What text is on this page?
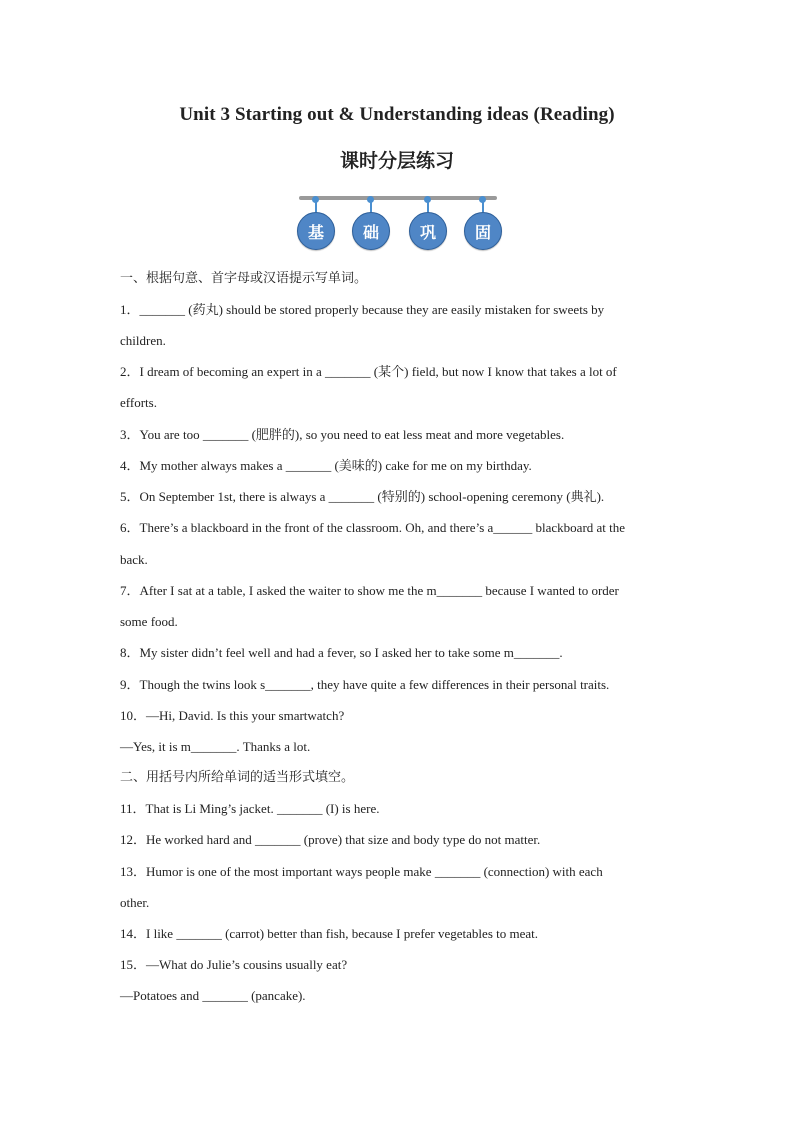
Unit 3 Starting out & Understanding ideas (Reading)
课时分层练习
基	础	巩	固
一、根据句意、首字母或汉语提示写单词。
1．_______ (药丸) should be stored properly because they are easily mistaken for sweets by
children.
2．I dream of becoming an expert in a _______ (某个) field, but now I know that takes a lot of
efforts.
3．You are too _______ (肥胖的), so you need to eat less meat and more vegetables.
4．My mother always makes a _______ (美味的) cake for me on my birthday.
5．On September 1st, there is always a _______ (特别的) school-opening ceremony (典礼).
6．There’s a blackboard in the front of the classroom. Oh, and there’s a______ blackboard at the
back.
7．After I sat at a table, I asked the waiter to show me the m_______ because I wanted to order
some food.
8．My sister didn’t feel well and had a fever, so I asked her to take some m_______.
9．Though the twins look s_______, they have quite a few differences in their personal traits.
10．—Hi, David. Is this your smartwatch?
—Yes, it is m_______. Thanks a lot.
二、用括号内所给单词的适当形式填空。
11．That is Li Ming’s jacket. _______ (I) is here.
12．He worked hard and _______ (prove) that size and body type do not matter.
13．Humor is one of the most important ways people make _______ (connection) with each
other.
14．I like _______ (carrot) better than fish, because I prefer vegetables to meat.
15．—What do Julie’s cousins usually eat?
—Potatoes and _______ (pancake).
